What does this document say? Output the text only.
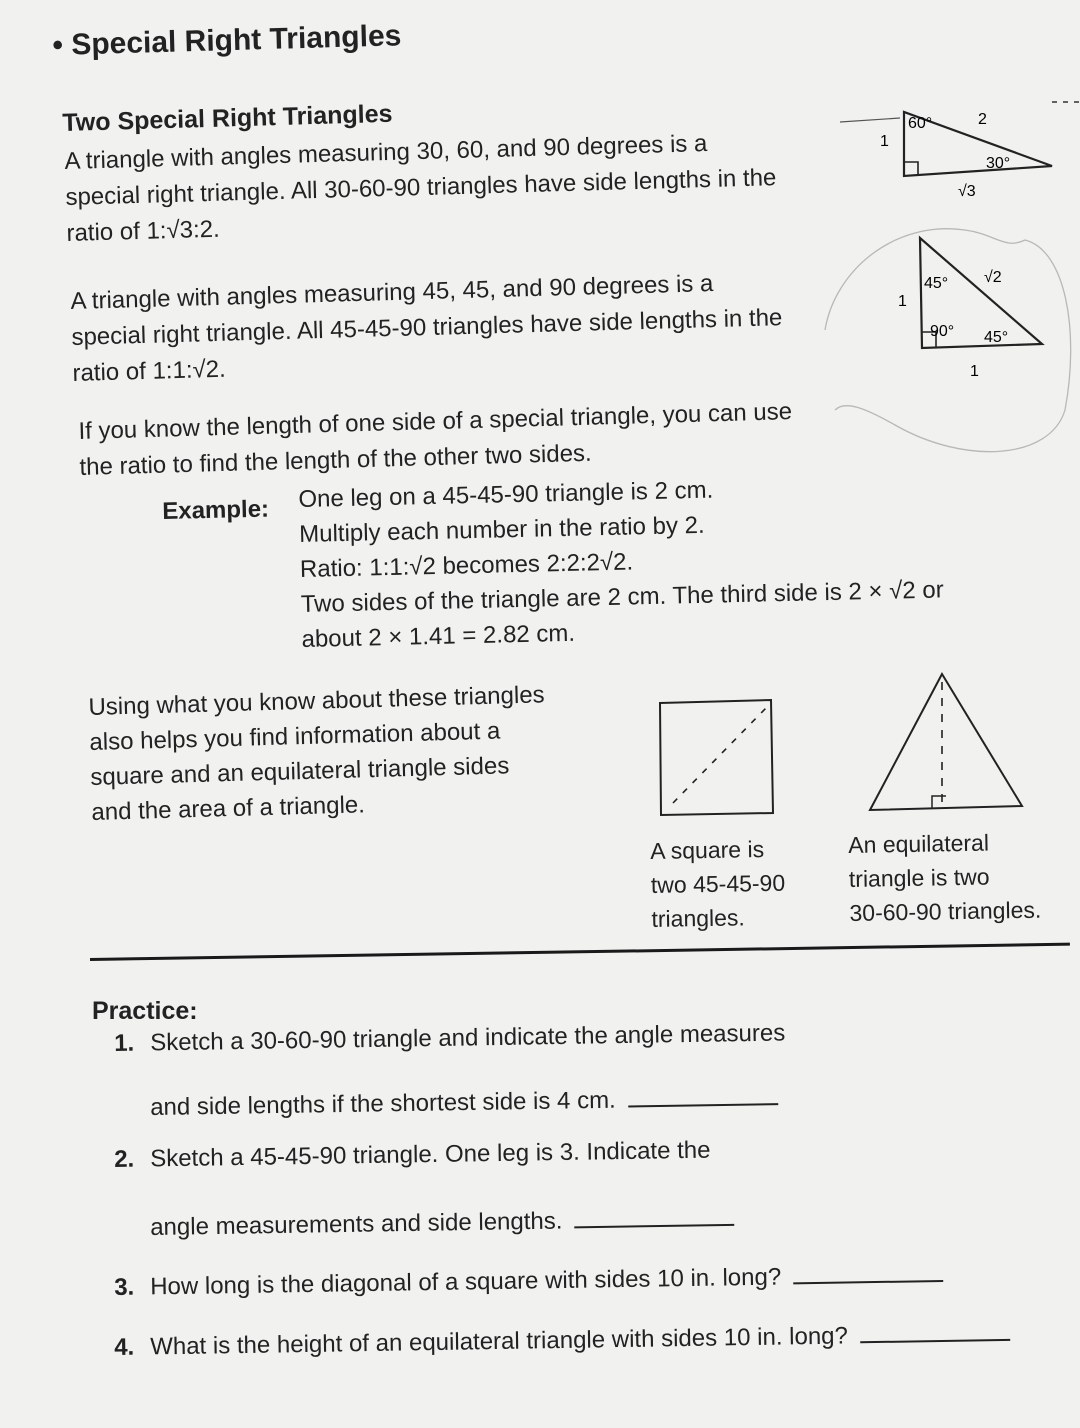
• Special Right Triangles
Two Special Right Triangles
A triangle with angles measuring 30, 60, and 90 degrees is a
special right triangle. All 30-60-90 triangles have side lengths in the
ratio of 1:√3:2.
A triangle with angles measuring 45, 45, and 90 degrees is a
special right triangle. All 45-45-90 triangles have side lengths in the
ratio of 1:1:√2.
If you know the length of one side of a special triangle, you can use
the ratio to find the length of the other two sides.
Example: One leg on a 45-45-90 triangle is 2 cm.
Multiply each number in the ratio by 2.
Ratio: 1:1:√2 becomes 2:2:2√2.
Two sides of the triangle are 2 cm. The third side is 2 × √2 or
about 2 × 1.41 = 2.82 cm.
Using what you know about these triangles
also helps you find information about a
square and an equilateral triangle sides
and the area of a triangle.
60°
30°
1
2
√3
45° √2
1
90° 45°
1
A square is
two 45-45-90
triangles.
An equilateral
triangle is two
30-60-90 triangles.
Practice:
1. Sketch a 30-60-90 triangle and indicate the angle measures
and side lengths if the shortest side is 4 cm.
2. Sketch a 45-45-90 triangle. One leg is 3. Indicate the
angle measurements and side lengths.
3. How long is the diagonal of a square with sides 10 in. long?
4. What is the height of an equilateral triangle with sides 10 in. long?
